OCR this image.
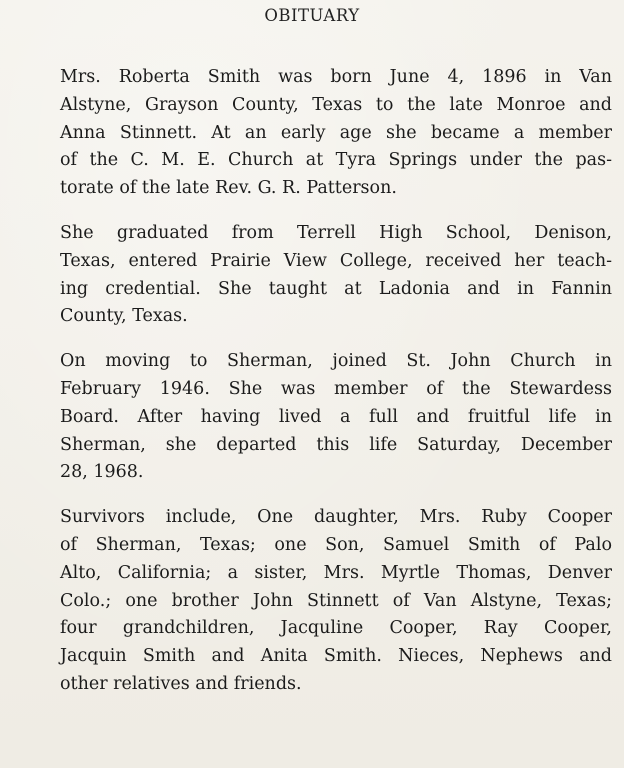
OBITUARY

Mrs. Roberta Smith was born June 4, 1896 in Van
Alstyne, Grayson County, Texas to the late Monroe and
Anna Stinnett. At an early age she became a member
of the C. M. E. Church at Tyra Springs under the pas-
torate of the late Rev. G. R. Patterson.

She graduated from Terrell High School, Denison,
Texas, entered Prairie View College, received her teach-
ing credential. She taught at Ladonia and in Fannin
County, Texas.

On moving to Sherman, joined St. John Church in
February 1946. She was member of the Stewardess
Board. After having lived a full and fruitful life in
Sherman, she departed this life Saturday, December
28, 1968.

Survivors include, One daughter, Mrs. Ruby Cooper
of Sherman, Texas; one Son, Samuel Smith of Palo
Alto, California; a sister, Mrs. Myrtle Thomas, Denver
Colo.; one brother John Stinnett of Van Alstyne, Texas;
four grandchildren, Jacquline Cooper, Ray Cooper,
Jacquin Smith and Anita Smith. Nieces, Nephews and
other relatives and friends.
